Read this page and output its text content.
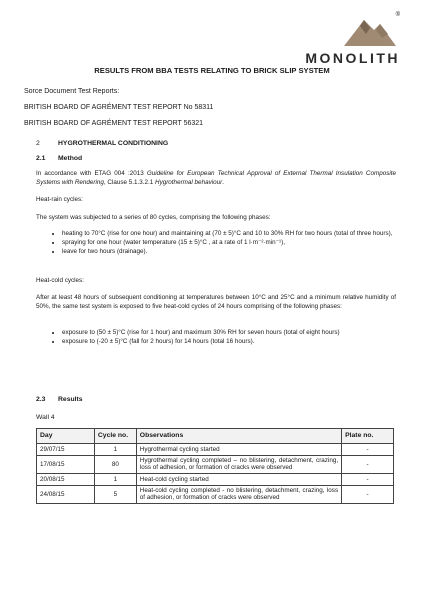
®
MONOLITH
RESULTS FROM BBA TESTS RELATING TO BRICK SLIP SYSTEM
Sorce Document Test Reports:
BRITISH BOARD OF AGRÉMENT TEST REPORT No 58311
BRITISH BOARD OF AGRÉMENT TEST REPORT 56321
2	HYGROTHERMAL CONDITIONING
2.1 Method
In accordance with ETAG 004 :2013 Guideline for European Technical Approval of External Thermal Insulation Composite Systems with Rendering, Clause 5.1.3.2.1 Hygrothermal behaviour.
Heat-rain cycles:
The system was subjected to a series of 80 cycles, comprising the following phases:
• heating to 70°C (rise for one hour) and maintaining at (70 ± 5)°C and 10 to 30% RH for two hours (total of three hours),
• spraying for one hour (water temperature (15 ± 5)°C , at a rate of 1 l·m⁻²·min⁻¹),
• leave for two hours (drainage).
Heat-cold cycles:
After at least 48 hours of subsequent conditioning at temperatures between 10°C and 25°C and a minimum relative humidity of 50%, the same test system is exposed to five heat-cold cycles of 24 hours comprising of the following phases:
• exposure to (50 ± 5)°C (rise for 1 hour) and maximum 30% RH for seven hours (total of eight hours)
• exposure to (-20 ± 5)°C (fall for 2 hours) for 14 hours (total 16 hours).
2.3 Results
Wall 4
Day	Cycle no.	Observations	Plate no.
29/07/15	1	Hygrothermal cycling started	-
17/08/15	80	Hygrothermal cycling completed – no blistering, detachment, crazing, loss of adhesion, or formation of cracks were observed	-
20/08/15	1	Heat-cold cycling started	-
24/08/15	5	Heat-cold cycling completed - no blistering, detachment, crazing, loss of adhesion, or formation of cracks were observed	-
